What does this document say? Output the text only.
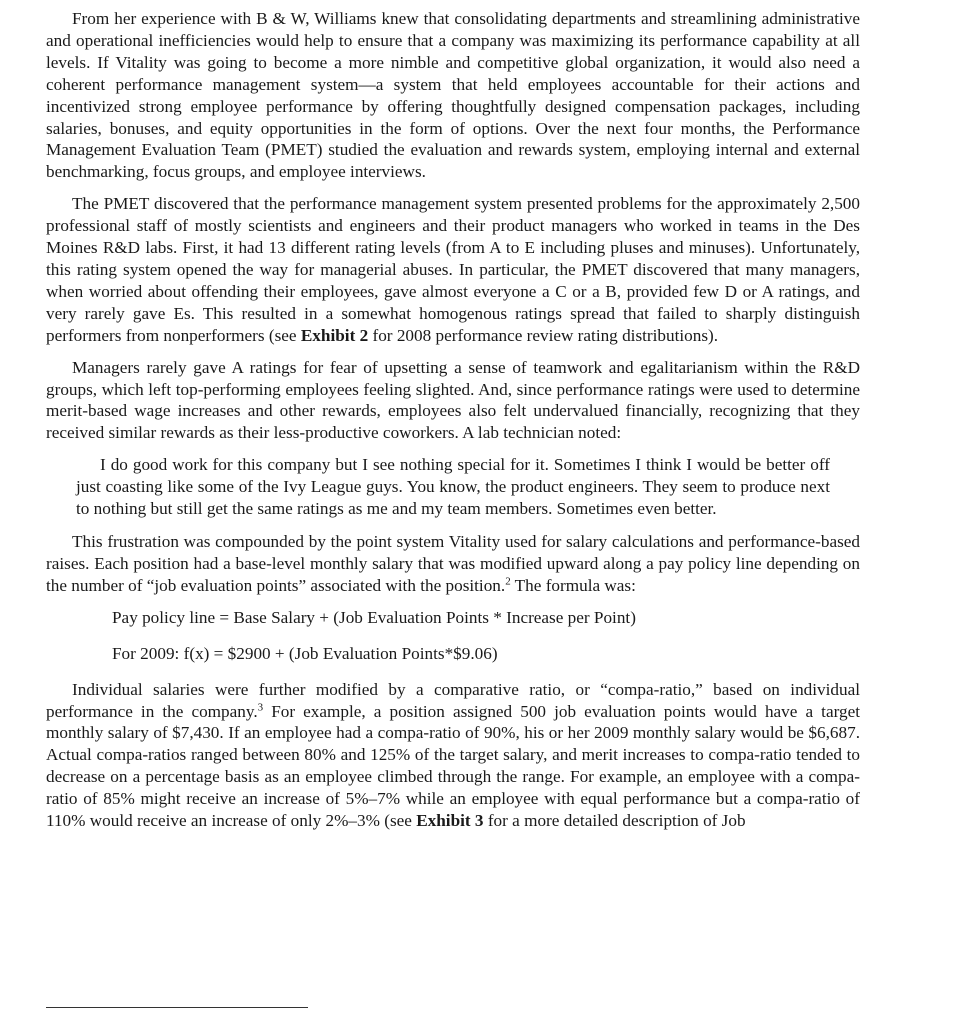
From her experience with B & W, Williams knew that consolidating departments and streamlining administrative and operational inefficiencies would help to ensure that a company was maximizing its performance capability at all levels. If Vitality was going to become a more nimble and competitive global organization, it would also need a coherent performance management system—a system that held employees accountable for their actions and incentivized strong employee performance by offering thoughtfully designed compensation packages, including salaries, bonuses, and equity opportunities in the form of options. Over the next four months, the Performance Management Evaluation Team (PMET) studied the evaluation and rewards system, employing internal and external benchmarking, focus groups, and employee interviews.

The PMET discovered that the performance management system presented problems for the approximately 2,500 professional staff of mostly scientists and engineers and their product managers who worked in teams in the Des Moines R&D labs. First, it had 13 different rating levels (from A to E including pluses and minuses). Unfortunately, this rating system opened the way for managerial abuses. In particular, the PMET discovered that many managers, when worried about offending their employees, gave almost everyone a C or a B, provided few D or A ratings, and very rarely gave Es. This resulted in a somewhat homogenous ratings spread that failed to sharply distinguish performers from nonperformers (see Exhibit 2 for 2008 performance review rating distributions).

Managers rarely gave A ratings for fear of upsetting a sense of teamwork and egalitarianism within the R&D groups, which left top-performing employees feeling slighted. And, since performance ratings were used to determine merit-based wage increases and other rewards, employees also felt undervalued financially, recognizing that they received similar rewards as their less-productive coworkers. A lab technician noted:

I do good work for this company but I see nothing special for it. Sometimes I think I would be better off just coasting like some of the Ivy League guys. You know, the product engineers. They seem to produce next to nothing but still get the same ratings as me and my team members. Sometimes even better.

This frustration was compounded by the point system Vitality used for salary calculations and performance-based raises. Each position had a base-level monthly salary that was modified upward along a pay policy line depending on the number of “job evaluation points” associated with the position.$^2$ The formula was:

Pay policy line = Base Salary + (Job Evaluation Points * Increase per Point)
For 2009: f(x) = $2900 + (Job Evaluation Points*$9.06)

Individual salaries were further modified by a comparative ratio, or “compa-ratio,” based on individual performance in the company.$^3$ For example, a position assigned 500 job evaluation points would have a target monthly salary of $7,430. If an employee had a compa-ratio of 90%, his or her 2009 monthly salary would be $6,687. Actual compa-ratios ranged between 80% and 125% of the target salary, and merit increases to compa-ratio tended to decrease on a percentage basis as an employee climbed through the range. For example, an employee with a compa-ratio of 85% might receive an increase of 5%–7% while an employee with equal performance but a compa-ratio of 110% would receive an increase of only 2%–3% (see Exhibit 3 for a more detailed description of Job
